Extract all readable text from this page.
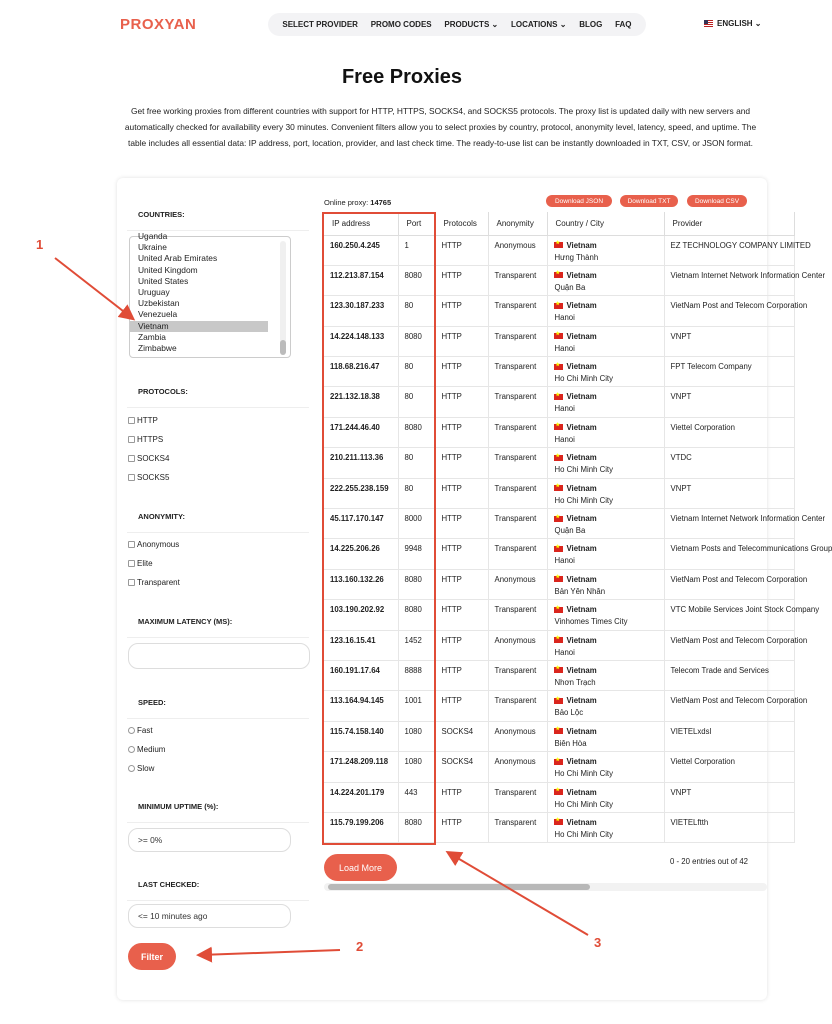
PROXYAN	SELECT PROVIDER PROMO CODES PRODUCTS ⌄ LOCATIONS ⌄ BLOG FAQ	ENGLISH ⌄
Free Proxies

Get free working proxies from different countries with support for HTTP, HTTPS, SOCKS4, and SOCKS5 protocols. The proxy list is updated daily with new servers and automatically checked for availability every 30 minutes. Convenient filters allow you to select proxies by country, protocol, anonymity level, latency, speed, and uptime. The table includes all essential data: IP address, port, location, provider, and last check time. The ready-to-use list can be instantly downloaded in TXT, CSV, or JSON format.

COUNTRIES:
Uganda
Ukraine
United Arab Emirates
United Kingdom
United States
Uruguay
Uzbekistan
Venezuela
Vietnam
Zambia
Zimbabwe
PROTOCOLS:
HTTP
HTTPS
SOCKS4
SOCKS5
ANONYMITY:
Anonymous
Elite
Transparent
MAXIMUM LATENCY (MS):
SPEED:
Fast
Medium
Slow
MINIMUM UPTIME (%):
>= 0%
LAST CHECKED:
<= 10 minutes ago
Filter
Online proxy: 14765	Download JSON	Download TXT	Download CSV
IP address	Port	Protocols	Anonymity	Country / City	Provider
160.250.4.245	1	HTTP	Anonymous	
★Vietnam
Hưng Thành	EZ TECHNOLOGY COMPANY LIMITED
112.213.87.154	8080	HTTP	Transparent	
★Vietnam
Quận Ba	Vietnam Internet Network Information Center
123.30.187.233	80	HTTP	Transparent	
★Vietnam
Hanoi	VietNam Post and Telecom Corporation
14.224.148.133	8080	HTTP	Transparent	
★Vietnam
Hanoi	VNPT
118.68.216.47	80	HTTP	Transparent	
★Vietnam
Ho Chi Minh City	FPT Telecom Company
221.132.18.38	80	HTTP	Transparent	
★Vietnam
Hanoi	VNPT
171.244.46.40	8080	HTTP	Transparent	
★Vietnam
Hanoi	Viettel Corporation
210.211.113.36	80	HTTP	Transparent	
★Vietnam
Ho Chi Minh City	VTDC
222.255.238.159	80	HTTP	Transparent	
★Vietnam
Ho Chi Minh City	VNPT
45.117.170.147	8000	HTTP	Transparent	
★Vietnam
Quận Ba	Vietnam Internet Network Information Center
14.225.206.26	9948	HTTP	Transparent	
★Vietnam
Hanoi	Vietnam Posts and Telecommunications Group
113.160.132.26	8080	HTTP	Anonymous	
★Vietnam
Bản Yên Nhân	VietNam Post and Telecom Corporation
103.190.202.92	8080	HTTP	Transparent	
★Vietnam
Vinhomes Times City	VTC Mobile Services Joint Stock Company
123.16.15.41	1452	HTTP	Anonymous	
★Vietnam
Hanoi	VietNam Post and Telecom Corporation
160.191.17.64	8888	HTTP	Transparent	
★Vietnam
Nhơn Trạch	Telecom Trade and Services
113.164.94.145	1001	HTTP	Transparent	
★Vietnam
Bảo Lộc	VietNam Post and Telecom Corporation
115.74.158.140	1080	SOCKS4	Anonymous	
★Vietnam
Biên Hòa	VIETELxdsl
171.248.209.118	1080	SOCKS4	Anonymous	
★Vietnam
Ho Chi Minh City	Viettel Corporation
14.224.201.179	443	HTTP	Transparent	
★Vietnam
Ho Chi Minh City	VNPT
115.79.199.206	8080	HTTP	Transparent	
★Vietnam
Ho Chi Minh City	VIETELftth
Load More
0 - 20 entries out of 42
1
2	3
